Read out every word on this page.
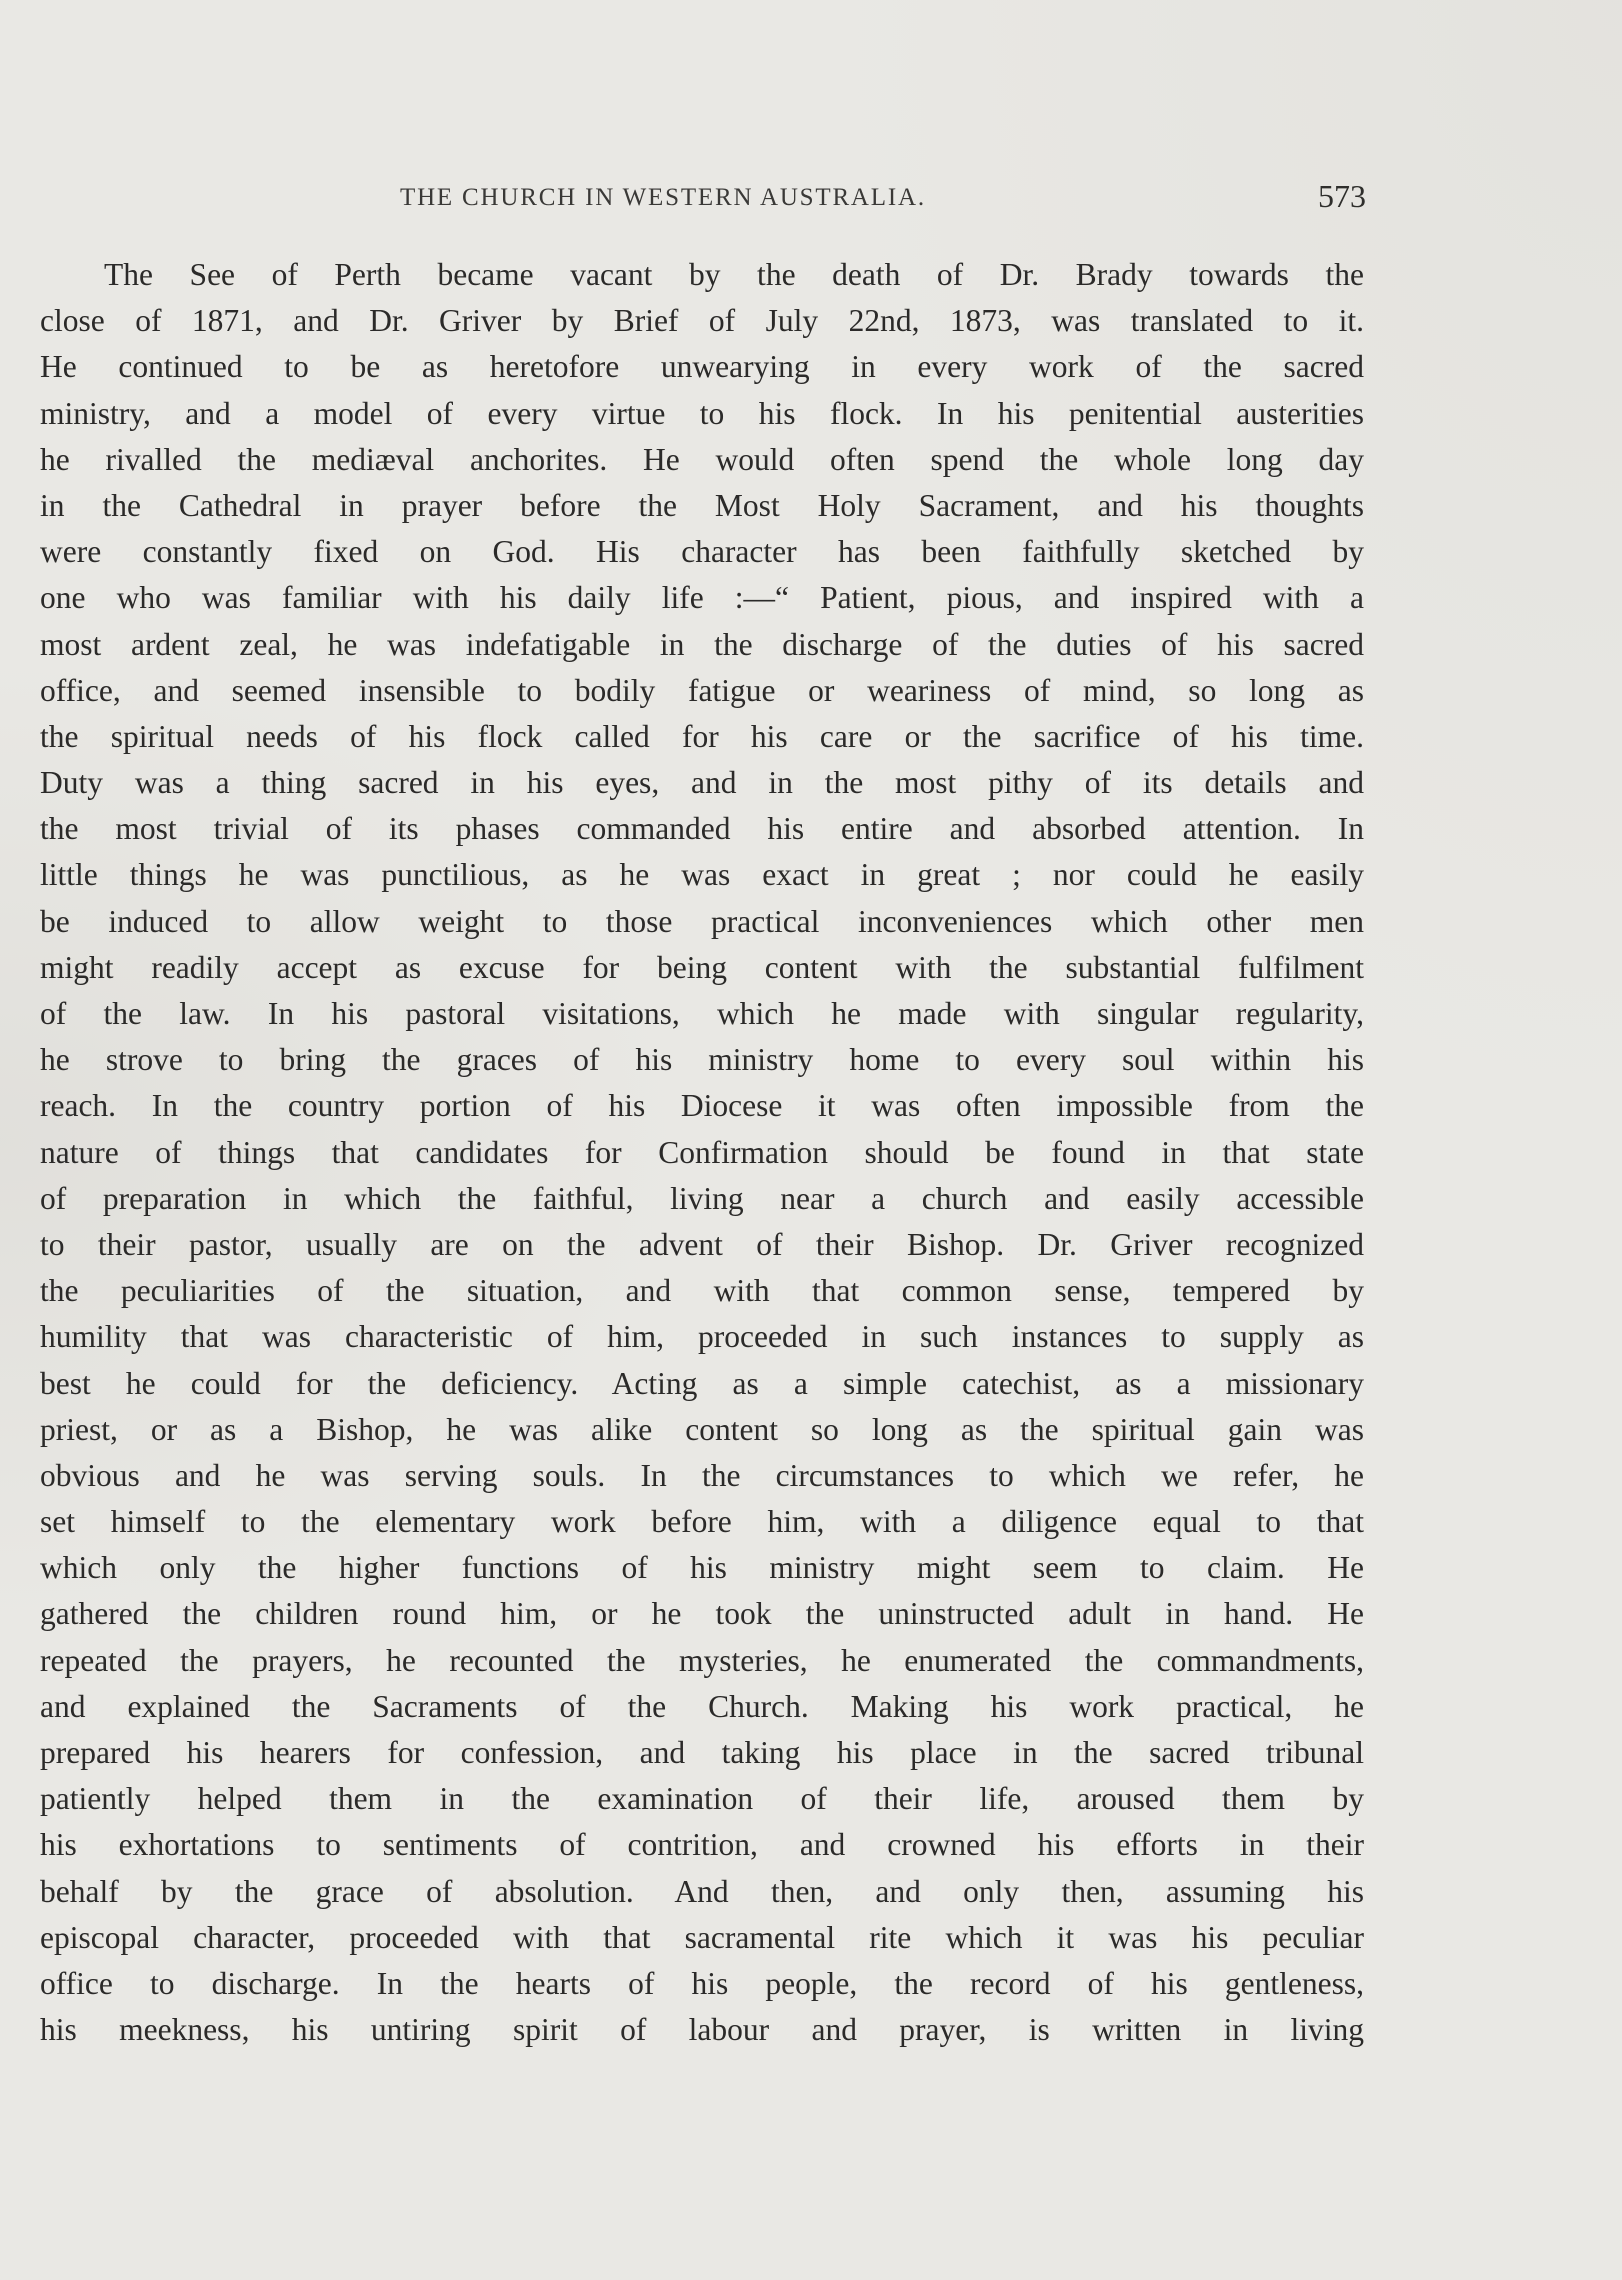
THE CHURCH IN WESTERN AUSTRALIA.	573
The See of Perth became vacant by the death of Dr. Brady towards the
close of 1871, and Dr. Griver by Brief of July 22nd, 1873, was translated to it.
He continued to be as heretofore unwearying in every work of the sacred
ministry, and a model of every virtue to his flock. In his penitential austerities
he rivalled the mediæval anchorites. He would often spend the whole long day
in the Cathedral in prayer before the Most Holy Sacrament, and his thoughts
were constantly fixed on God. His character has been faithfully sketched by
one who was familiar with his daily life :—“ Patient, pious, and inspired with a
most ardent zeal, he was indefatigable in the discharge of the duties of his sacred
office, and seemed insensible to bodily fatigue or weariness of mind, so long as
the spiritual needs of his flock called for his care or the sacrifice of his time.
Duty was a thing sacred in his eyes, and in the most pithy of its details and
the most trivial of its phases commanded his entire and absorbed attention. In
little things he was punctilious, as he was exact in great ; nor could he easily
be induced to allow weight to those practical inconveniences which other men
might readily accept as excuse for being content with the substantial fulfilment
of the law. In his pastoral visitations, which he made with singular regularity,
he strove to bring the graces of his ministry home to every soul within his
reach. In the country portion of his Diocese it was often impossible from the
nature of things that candidates for Confirmation should be found in that state
of preparation in which the faithful, living near a church and easily accessible
to their pastor, usually are on the advent of their Bishop. Dr. Griver recognized
the peculiarities of the situation, and with that common sense, tempered by
humility that was characteristic of him, proceeded in such instances to supply as
best he could for the deficiency. Acting as a simple catechist, as a missionary
priest, or as a Bishop, he was alike content so long as the spiritual gain was
obvious and he was serving souls. In the circumstances to which we refer, he
set himself to the elementary work before him, with a diligence equal to that
which only the higher functions of his ministry might seem to claim. He
gathered the children round him, or he took the uninstructed adult in hand. He
repeated the prayers, he recounted the mysteries, he enumerated the commandments,
and explained the Sacraments of the Church. Making his work practical, he
prepared his hearers for confession, and taking his place in the sacred tribunal
patiently helped them in the examination of their life, aroused them by
his exhortations to sentiments of contrition, and crowned his efforts in their
behalf by the grace of absolution. And then, and only then, assuming his
episcopal character, proceeded with that sacramental rite which it was his peculiar
office to discharge. In the hearts of his people, the record of his gentleness,
his meekness, his untiring spirit of labour and prayer, is written in living
